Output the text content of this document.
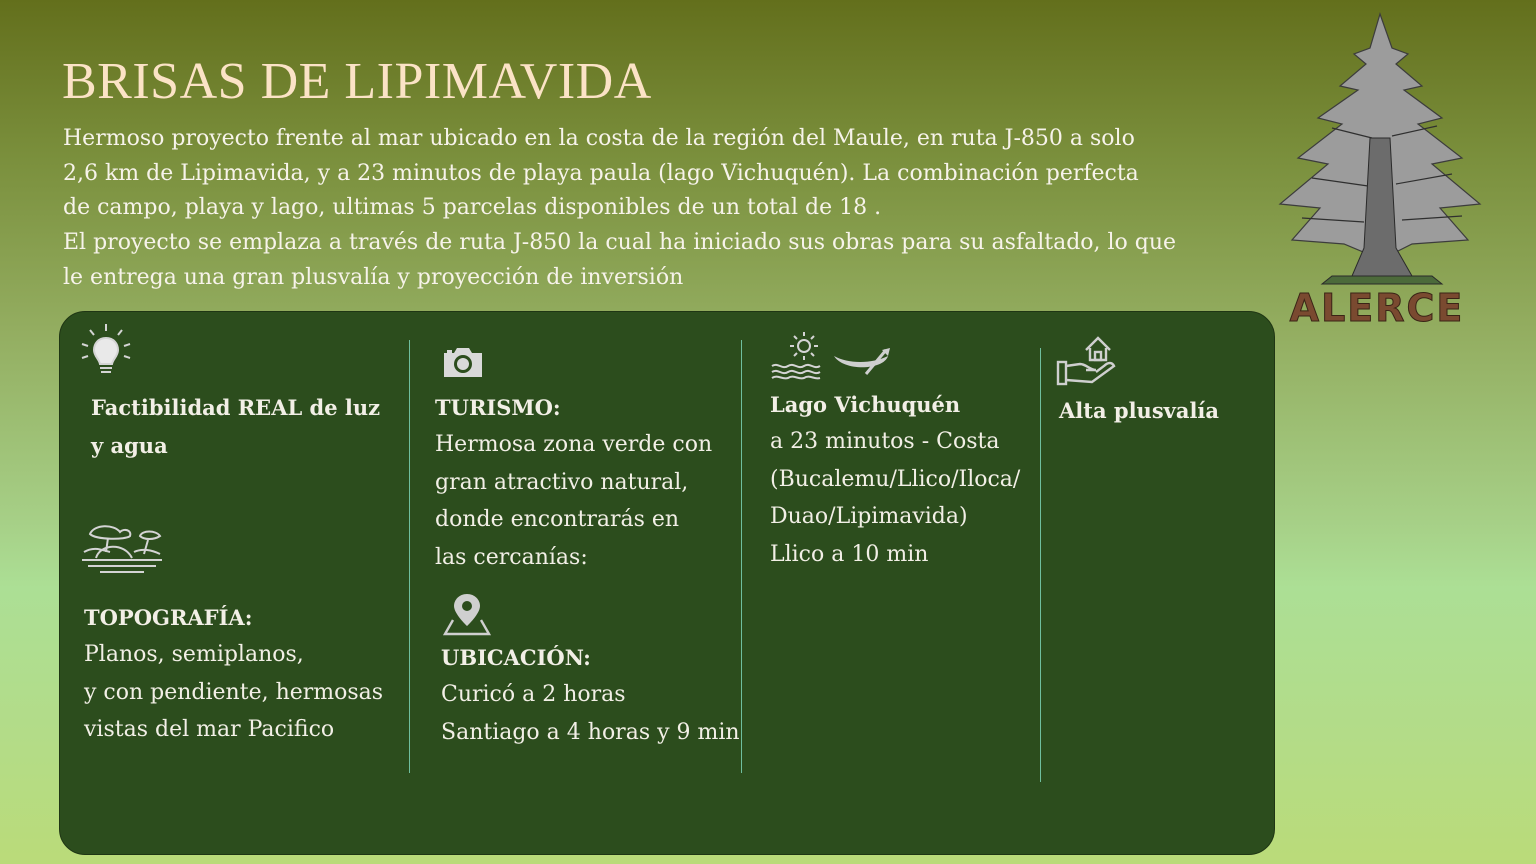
BRISAS DE LIPIMAVIDA
Hermoso proyecto frente al mar ubicado en la costa de la región del Maule, en ruta J-850 a solo
2,6 km de Lipimavida, y a 23 minutos de playa paula (lago Vichuquén). La combinación perfecta
de campo, playa y lago, ultimas 5 parcelas disponibles de un total de 18 .
El proyecto se emplaza a través de ruta J-850 la cual ha iniciado sus obras para su asfaltado, lo que
le entrega una gran plusvalía y proyección de inversión
ALERCE
Factibilidad REAL de luz
y agua
TOPOGRAFÍA:
Planos, semiplanos,
y con pendiente, hermosas
vistas del mar Pacifico
TURISMO:
Hermosa zona verde con
gran atractivo natural,
donde encontrarás en
las cercanías:
UBICACIÓN:
Curicó a 2 horas
Santiago a 4 horas y 9 min
Lago Vichuquén
a 23 minutos - Costa
(Bucalemu/Llico/Iloca/
Duao/Lipimavida)
Llico a 10 min
Alta plusvalía
